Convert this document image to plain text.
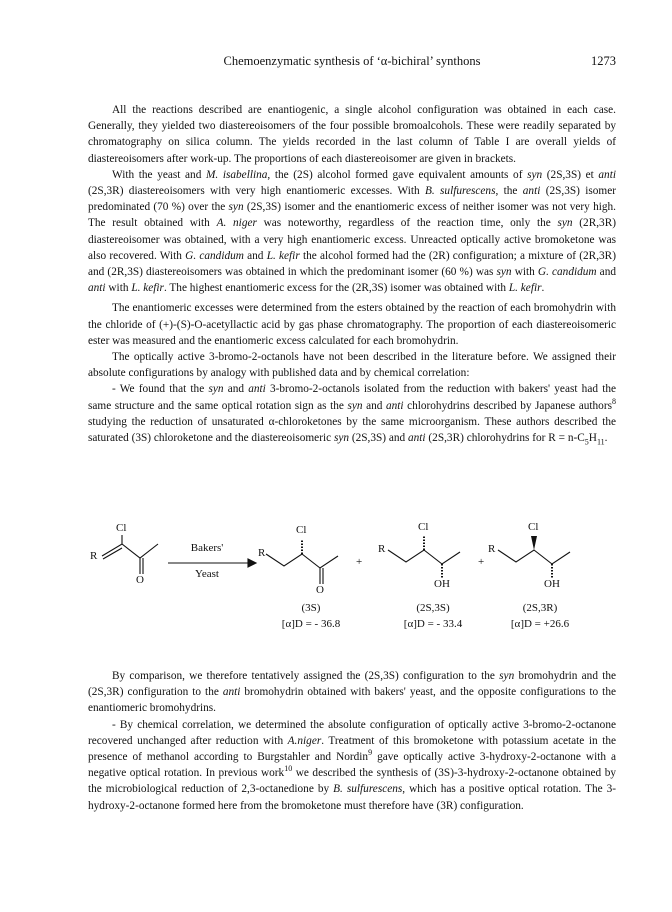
Chemoenzymatic synthesis of ‘α-bichiral’ synthons	1273

All the reactions described are enantiogenic, a single alcohol configuration was obtained in each case. Generally, they yielded two diastereoisomers of the four possible bromoalcohols. These were readily separated by chromatography on silica column. The yields recorded in the last column of Table I are overall yields of diastereoisomers after work-up. The proportions of each diastereoisomer are given in brackets.

With the yeast and M. isabellina, the (2S) alcohol formed gave equivalent amounts of syn (2S,3S) et anti (2S,3R) diastereoisomers with very high enantiomeric excesses. With B. sulfurescens, the anti (2S,3S) isomer predominated (70 %) over the syn (2S,3S) isomer and the enantiomeric excess of neither isomer was not very high. The result obtained with A. niger was noteworthy, regardless of the reaction time, only the syn (2R,3R) diastereoisomer was obtained, with a very high enantiomeric excess. Unreacted optically active bromoketone was also recovered. With G. candidum and L. kefir the alcohol formed had the (2R) configuration; a mixture of (2R,3R) and (2R,3S) diastereoisomers was obtained in which the predominant isomer (60 %) was syn with G. candidum and anti with L. kefir. The highest enantiomeric excess for the (2R,3S) isomer was obtained with L. kefir.

The enantiomeric excesses were determined from the esters obtained by the reaction of each bromohydrin with the chloride of (+)-(S)-O-acetyllactic acid by gas phase chromatography. The proportion of each diastereoisomeric ester was measured and the enantiomeric excess calculated for each bromohydrin.

The optically active 3-bromo-2-octanols have not been described in the literature before. We assigned their absolute configurations by analogy with published data and by chemical correlation:

- We found that the syn and anti 3-bromo-2-octanols isolated from the reduction with bakers' yeast had the same structure and the same optical rotation sign as the syn and anti chlorohydrins described by Japanese authors$^8$ studying the reduction of unsaturated α-chloroketones by the same microorganism. These authors described the saturated (3S) chloroketone and the diastereoisomeric syn (2S,3S) and anti (2S,3R) chlorohydrins for $R = n-C_5H_{11}$.

R
Cl
O
Bakers'
Yeast
R
Cl
O
+
R
Cl
OH
+
R
Cl
OH
(3S)
[α]D = - 36.8
(2S,3S)
[α]D = - 33.4
(2S,3R)
[α]D = +26.6

By comparison, we therefore tentatively assigned the (2S,3S) configuration to the syn bromohydrin and the (2S,3R) configuration to the anti bromohydrin obtained with bakers' yeast, and the opposite configurations to the enantiomeric bromohydrins.

- By chemical correlation, we determined the absolute configuration of optically active 3-bromo-2-octanone recovered unchanged after reduction with A.niger. Treatment of this bromoketone with potassium acetate in the presence of methanol according to Burgstahler and Nordin$^9$ gave optically active 3-hydroxy-2-octanone with a negative optical rotation. In previous work$^{10}$ we described the synthesis of (3S)-3-hydroxy-2-octanone obtained by the microbiological reduction of 2,3-octanedione by B. sulfurescens, which has a positive optical rotation. The 3-hydroxy-2-octanone formed here from the bromoketone must therefore have (3R) configuration.
